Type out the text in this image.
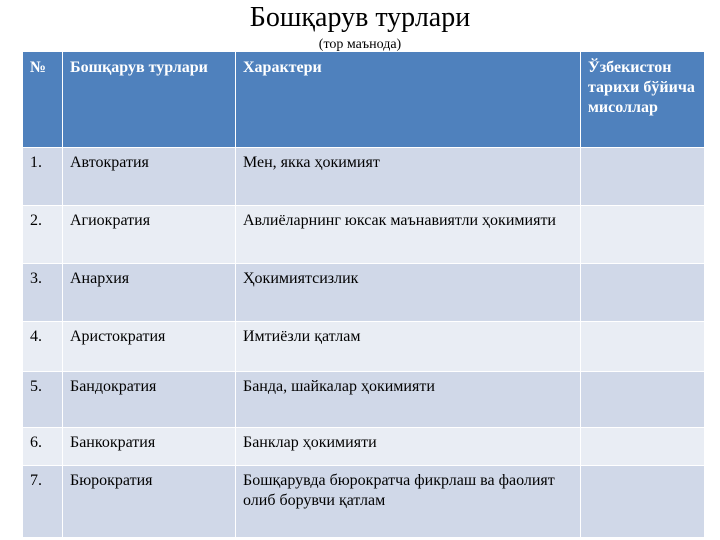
Бошқарув турлари
(тор маънода)
№	Бошқарув турлари	Характери	Ўзбекистон тарихи бўйича мисоллар
1.	Автократия	Мен, якка ҳокимият	
2.	Агиократия	Авлиёларнинг юксак маънавиятли ҳокимияти	
3.	Анархия	Ҳокимиятсизлик	
4.	Аристократия	Имтиёзли қатлам	
5.	Бандократия	Банда, шайкалар ҳокимияти	
6.	Банкократия	Банклар ҳокимияти	
7.	Бюрократия	Бошқарувда бюрократча фикрлаш ва фаолият олиб борувчи қатлам	
